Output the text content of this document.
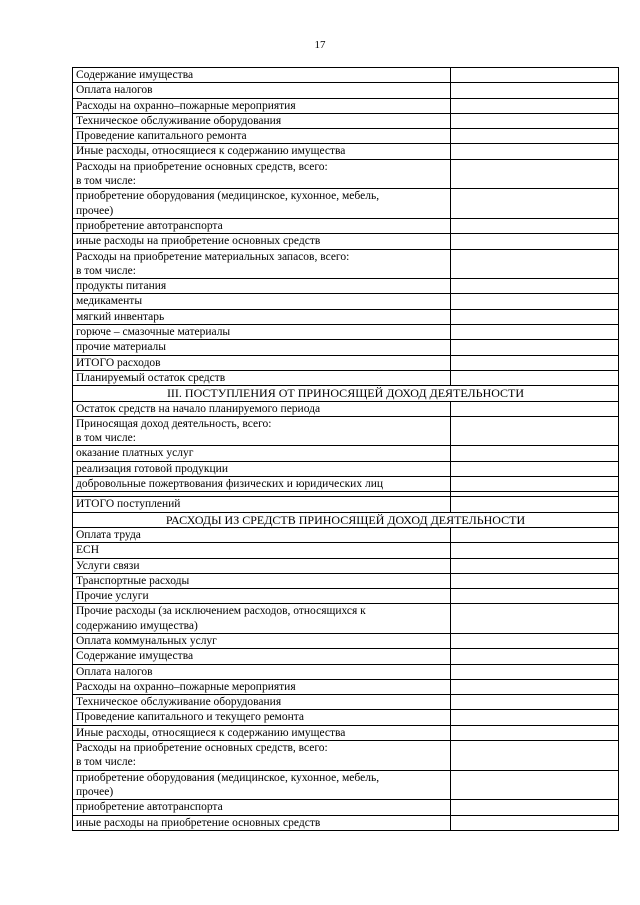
17
Содержание имущества	
Оплата налогов	
Расходы на охранно–пожарные мероприятия	
Техническое обслуживание оборудования	
Проведение капитального ремонта	
Иные расходы, относящиеся к содержанию имущества	
Расходы на приобретение основных средств, всего:
в том числе:	
приобретение оборудования (медицинское, кухонное, мебель,
прочее)	
приобретение автотранспорта	
иные расходы на приобретение основных средств	
Расходы на приобретение материальных запасов, всего:
в том числе:	
продукты питания	
медикаменты	
мягкий инвентарь	
горюче – смазочные материалы	
прочие материалы	
ИТОГО расходов	
Планируемый остаток средств	
III. ПОСТУПЛЕНИЯ ОТ ПРИНОСЯЩЕЙ ДОХОД ДЕЯТЕЛЬНОСТИ	
Остаток средств на начало планируемого периода	
Приносящая доход деятельность, всего:
в том числе:	
оказание платных услуг	
реализация готовой продукции	
добровольные пожертвования физических и юридических лиц	

ИТОГО поступлений	
РАСХОДЫ ИЗ СРЕДСТВ ПРИНОСЯЩЕЙ ДОХОД ДЕЯТЕЛЬНОСТИ	
Оплата труда	
ЕСН	
Услуги связи	
Транспортные расходы	
Прочие услуги	
Прочие расходы (за исключением расходов, относящихся к
содержанию имущества)	
Оплата коммунальных услуг	
Содержание имущества	
Оплата налогов	
Расходы на охранно–пожарные мероприятия	
Техническое обслуживание оборудования	
Проведение капитального и текущего ремонта	
Иные расходы, относящиеся к содержанию имущества	
Расходы на приобретение основных средств, всего:
в том числе:	
приобретение оборудования (медицинское, кухонное, мебель,
прочее)	
приобретение автотранспорта	
иные расходы на приобретение основных средств	
